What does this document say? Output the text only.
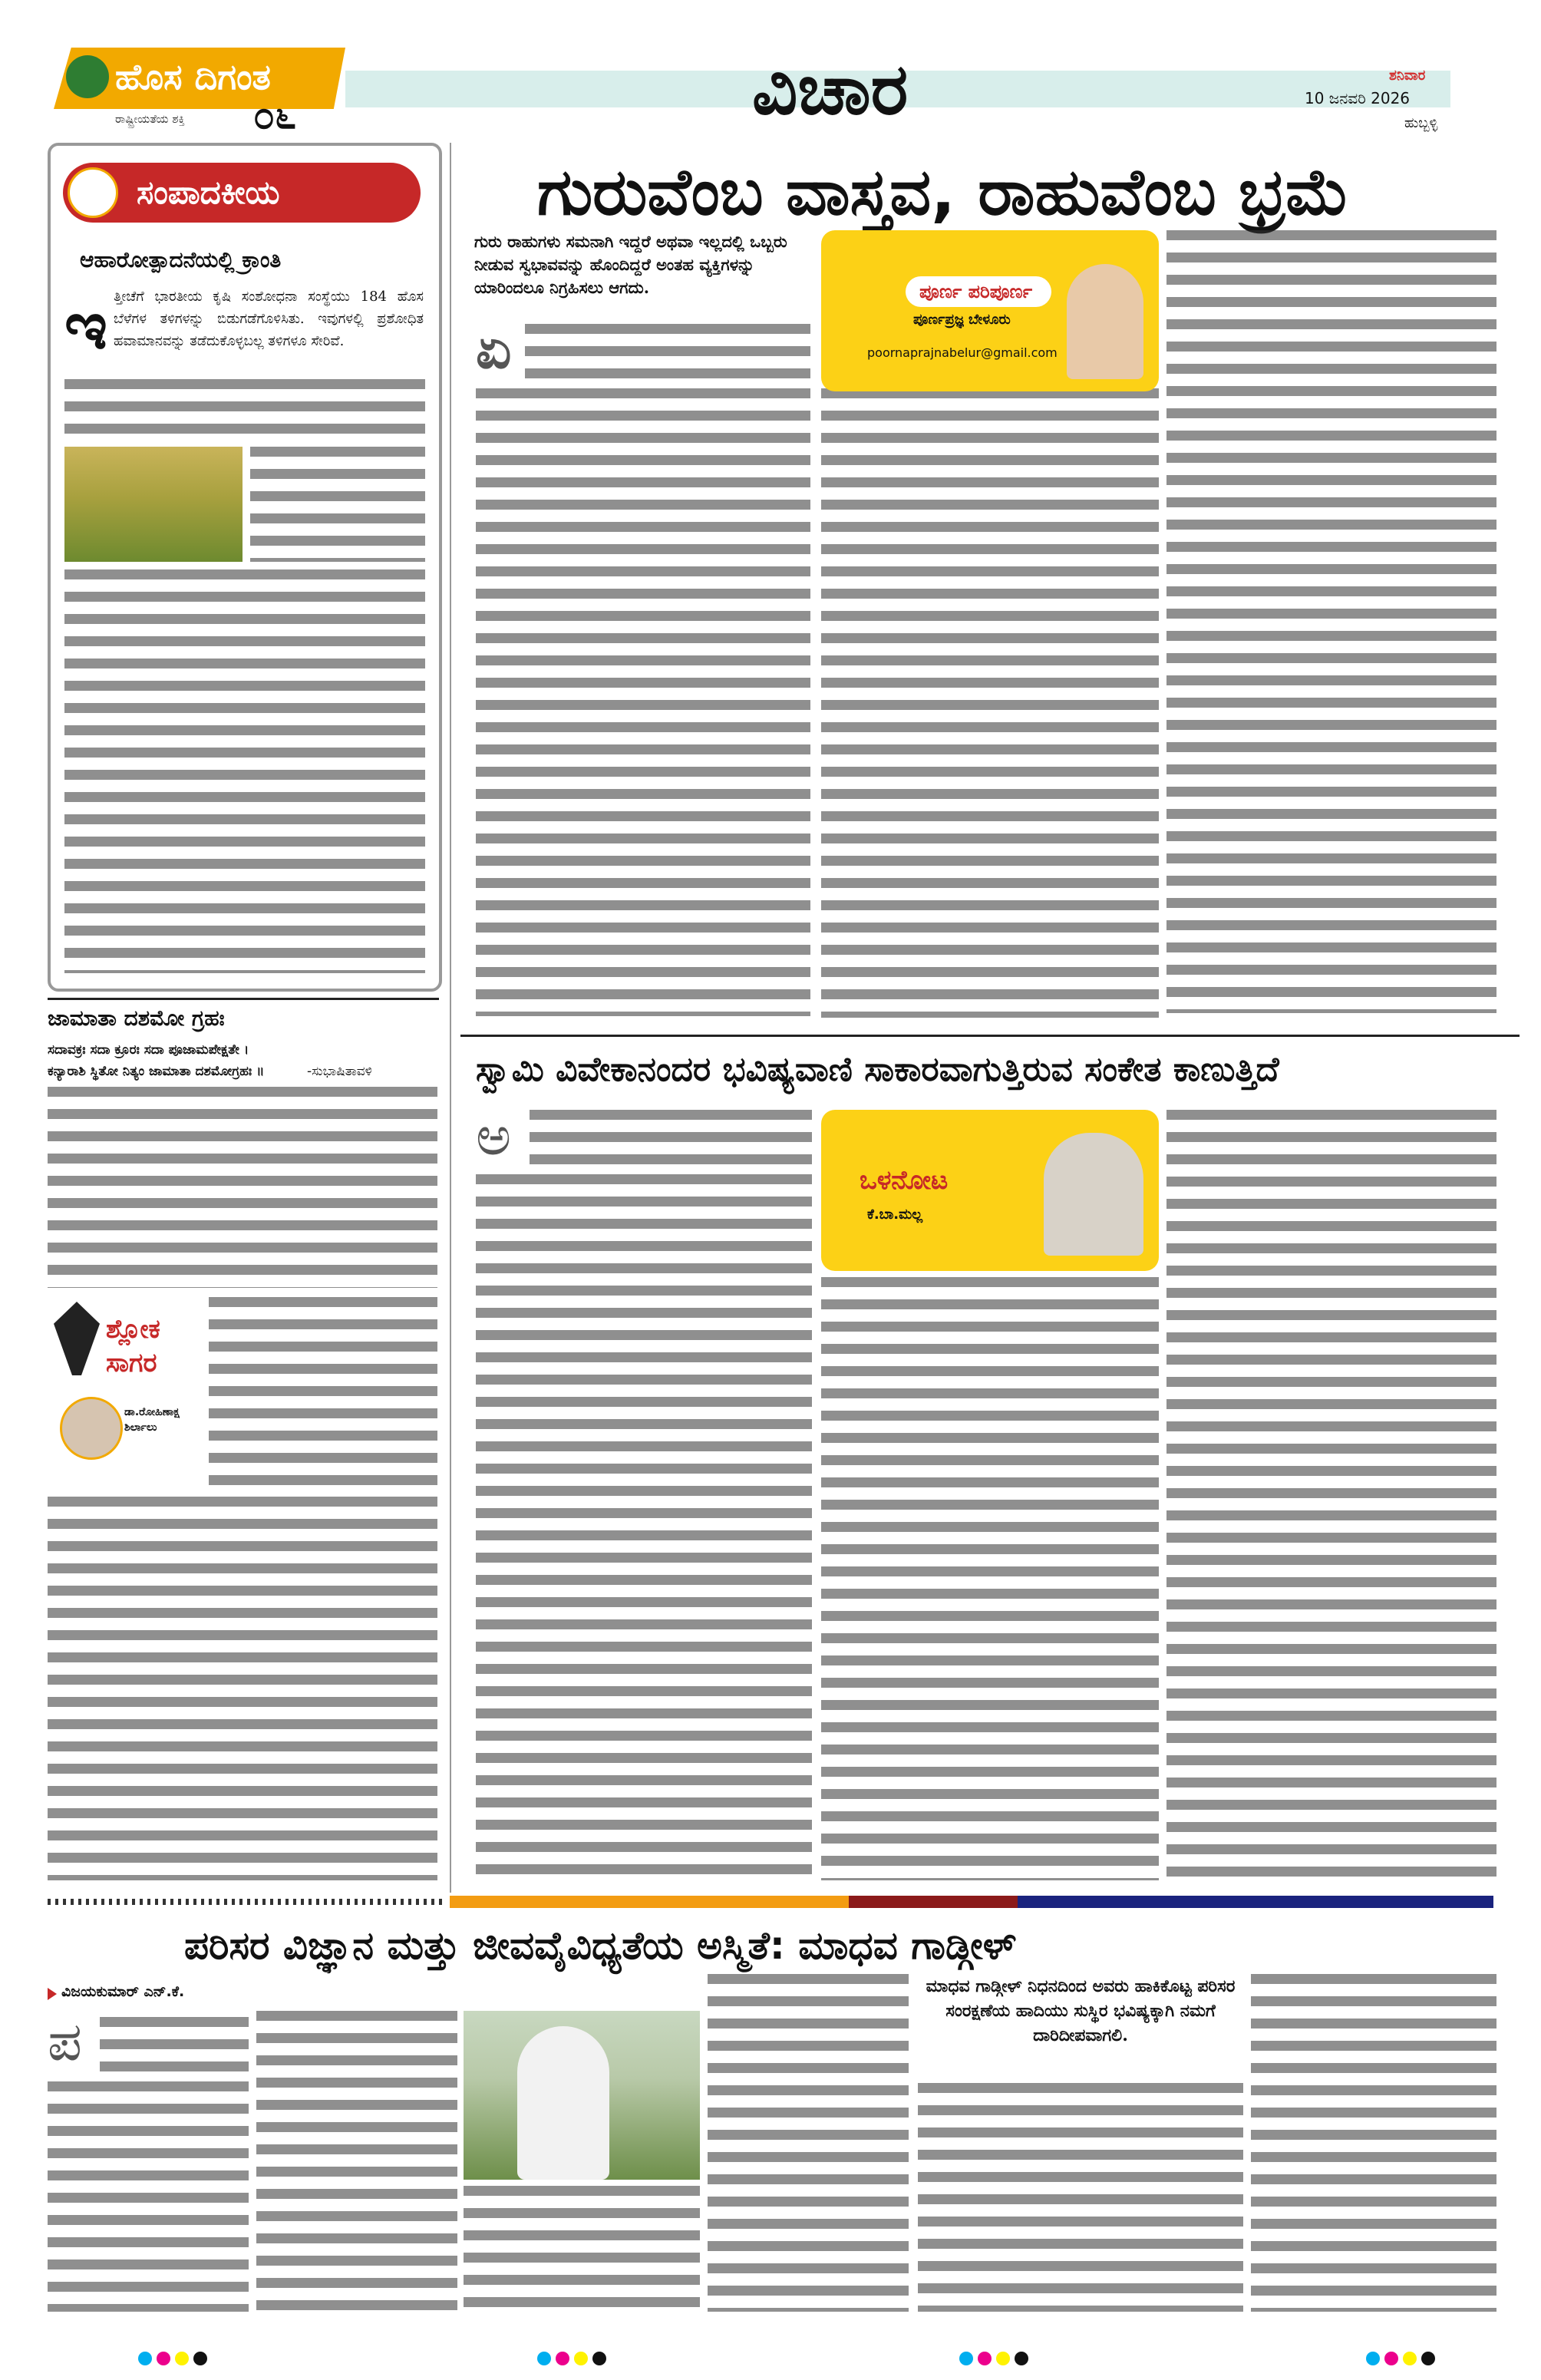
ಹೊಸ ದಿಗಂತ
ರಾಷ್ಟ್ರೀಯತೆಯ ಶಕ್ತಿ ೦೬	ವಿಚಾರ	ಶನಿವಾರ
10 ಜನವರಿ 2026
ಹುಬ್ಬಳ್ಳಿ
ಸಂಪಾದಕೀಯ
ಆಹಾರೋತ್ಪಾದನೆಯಲ್ಲಿ ಕ್ರಾಂತಿ
ಇ ತ್ತೀಚೆಗೆ ಭಾರತೀಯ ಕೃಷಿ ಸಂಶೋಧನಾ ಸಂಸ್ಥೆಯು 184 ಹೊಸ ಬೆಳೆಗಳ ತಳಿಗಳನ್ನು ಬಿಡುಗಡೆಗೊಳಿಸಿತು. ಇವುಗಳಲ್ಲಿ ಪ್ರಶೋಧಿತ ಹವಾಮಾನವನ್ನು ತಡೆದುಕೊಳ್ಳಬಲ್ಲ ತಳಿಗಳೂ ಸೇರಿವೆ.
ಗುರುವೆಂಬ ವಾಸ್ತವ, ರಾಹುವೆಂಬ ಭ್ರಮೆ
ಗುರು ರಾಹುಗಳು ಸಮನಾಗಿ ಇದ್ದರೆ ಅಥವಾ ಇಲ್ಲದಲ್ಲಿ ಒಬ್ಬರು ನೀಡುವ ಸ್ವಭಾವವನ್ನು ಹೊಂದಿದ್ದರೆ ಅಂತಹ ವ್ಯಕ್ತಿಗಳನ್ನು ಯಾರಿಂದಲೂ ನಿಗ್ರಹಿಸಲು ಆಗದು.
ಏ
ಪೂರ್ಣ ಪರಿಪೂರ್ಣ
ಪೂರ್ಣಪ್ರಜ್ಞ ಬೇಳೂರು
poornaprajnabelur@gmail.com
ಜಾಮಾತಾ ದಶಮೋ ಗ್ರಹಃ
ಸದಾವಕ್ರಃ ಸದಾ ಕ್ರೂರಃ ಸದಾ ಪೂಜಾಮಪೇಕ್ಷತೇ ।
ಕನ್ಯಾರಾಶಿ ಸ್ಥಿತೋ ನಿತ್ಯಂ ಜಾಮಾತಾ ದಶಮೋಗ್ರಹಃ ॥	-ಸುಭಾಷಿತಾವಳಿ
ಶ್ಲೋಕ ಸಾಗರ
ಡಾ.ರೋಹಿಣಾಕ್ಷ ಶಿರ್ಲಾಲು
ಸ್ವಾಮಿ ವಿವೇಕಾನಂದರ ಭವಿಷ್ಯವಾಣಿ ಸಾಕಾರವಾಗುತ್ತಿರುವ ಸಂಕೇತ ಕಾಣುತ್ತಿದೆ
ಅ
ಒಳನೋಟ
ಕೆ.ಬಾ.ಮಲ್ಲ
ಪರಿಸರ ವಿಜ್ಞಾನ ಮತ್ತು ಜೀವವೈವಿಧ್ಯತೆಯ ಅಸ್ಮಿತೆ: ಮಾಧವ ಗಾಡ್ಗೀಳ್
ವಿಜಯಕುಮಾರ್ ಎನ್.ಕೆ.
ಪ
ಮಾಧವ ಗಾಡ್ಗೀಳ್ ನಿಧನದಿಂದ ಅವರು ಹಾಕಿಕೊಟ್ಟ ಪರಿಸರ ಸಂರಕ್ಷಣೆಯ ಹಾದಿಯು ಸುಸ್ಥಿರ ಭವಿಷ್ಯಕ್ಕಾಗಿ ನಮಗೆ ದಾರಿದೀಪವಾಗಲಿ.
